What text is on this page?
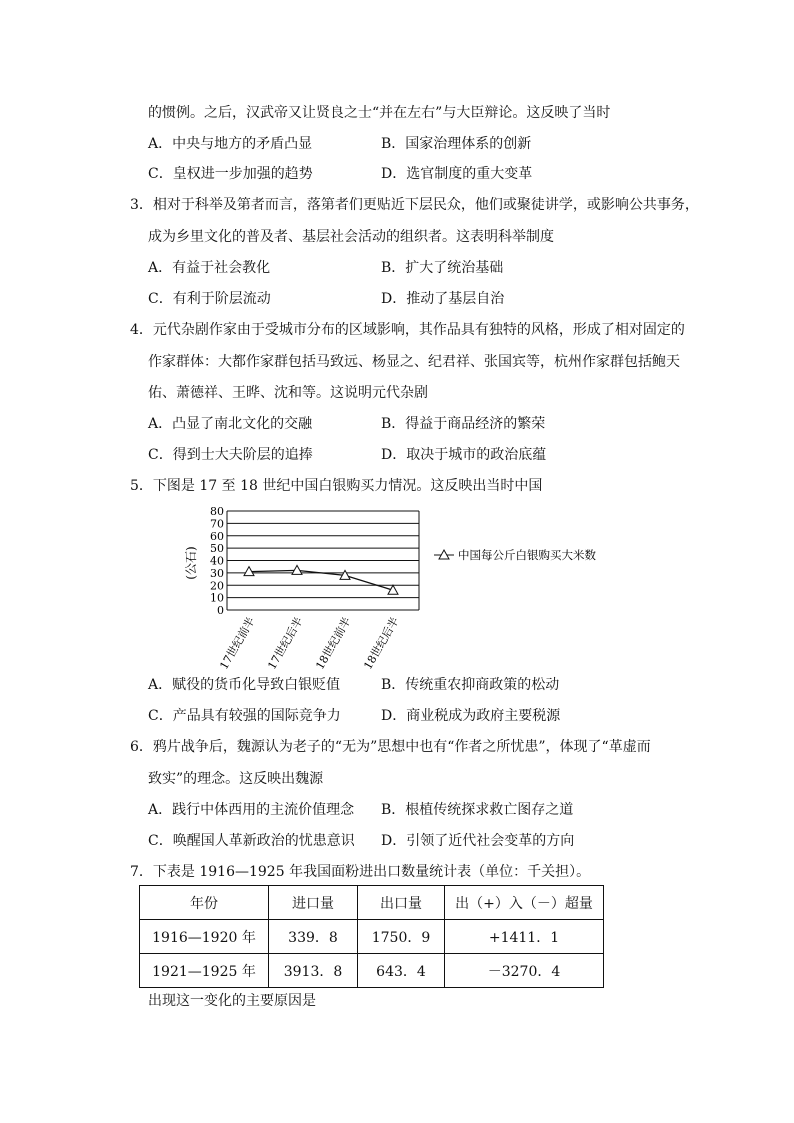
的惯例。之后，汉武帝又让贤良之士“并在左右”与大臣辩论。这反映了当时
A．中央与地方的矛盾凸显	B．国家治理体系的创新
C．皇权进一步加强的趋势	D．选官制度的重大变革
3．相对于科举及第者而言，落第者们更贴近下层民众，他们或聚徒讲学，或影响公共事务，
成为乡里文化的普及者、基层社会活动的组织者。这表明科举制度
A．有益于社会教化	B．扩大了统治基础
C．有利于阶层流动	D．推动了基层自治
4．元代杂剧作家由于受城市分布的区域影响，其作品具有独特的风格，形成了相对固定的
作家群体：大都作家群包括马致远、杨显之、纪君祥、张国宾等，杭州作家群包括鲍天
佑、萧德祥、王晔、沈和等。这说明元代杂剧
A．凸显了南北文化的交融	B．得益于商品经济的繁荣
C．得到士大夫阶层的追捧	D．取决于城市的政治底蕴
5．下图是 17 至 18 世纪中国白银购买力情况。这反映出当时中国
0
10
20
30
40
50
60
70
80
17世纪前半 17世纪后半 18世纪前半 18世纪后半
(公石)	中国每公斤白银购买大米数
A．赋役的货币化导致白银贬值	B．传统重农抑商政策的松动
C．产品具有较强的国际竞争力	D．商业税成为政府主要税源
6．鸦片战争后，魏源认为老子的“无为”思想中也有“作者之所忧患”，体现了“革虚而
致实”的理念。这反映出魏源
A．践行中体西用的主流价值理念 B．根植传统探求救亡图存之道
C．唤醒国人革新政治的忧患意识 D．引领了近代社会变革的方向
7．下表是 1916—1925 年我国面粉进出口数量统计表（单位：千关担）。
年份	进口量	出口量	出（+）入（－）超量
1916—1920 年	339．8	1750．9	+1411．1
1921—1925 年	3913．8	643．4	－3270．4
出现这一变化的主要原因是
